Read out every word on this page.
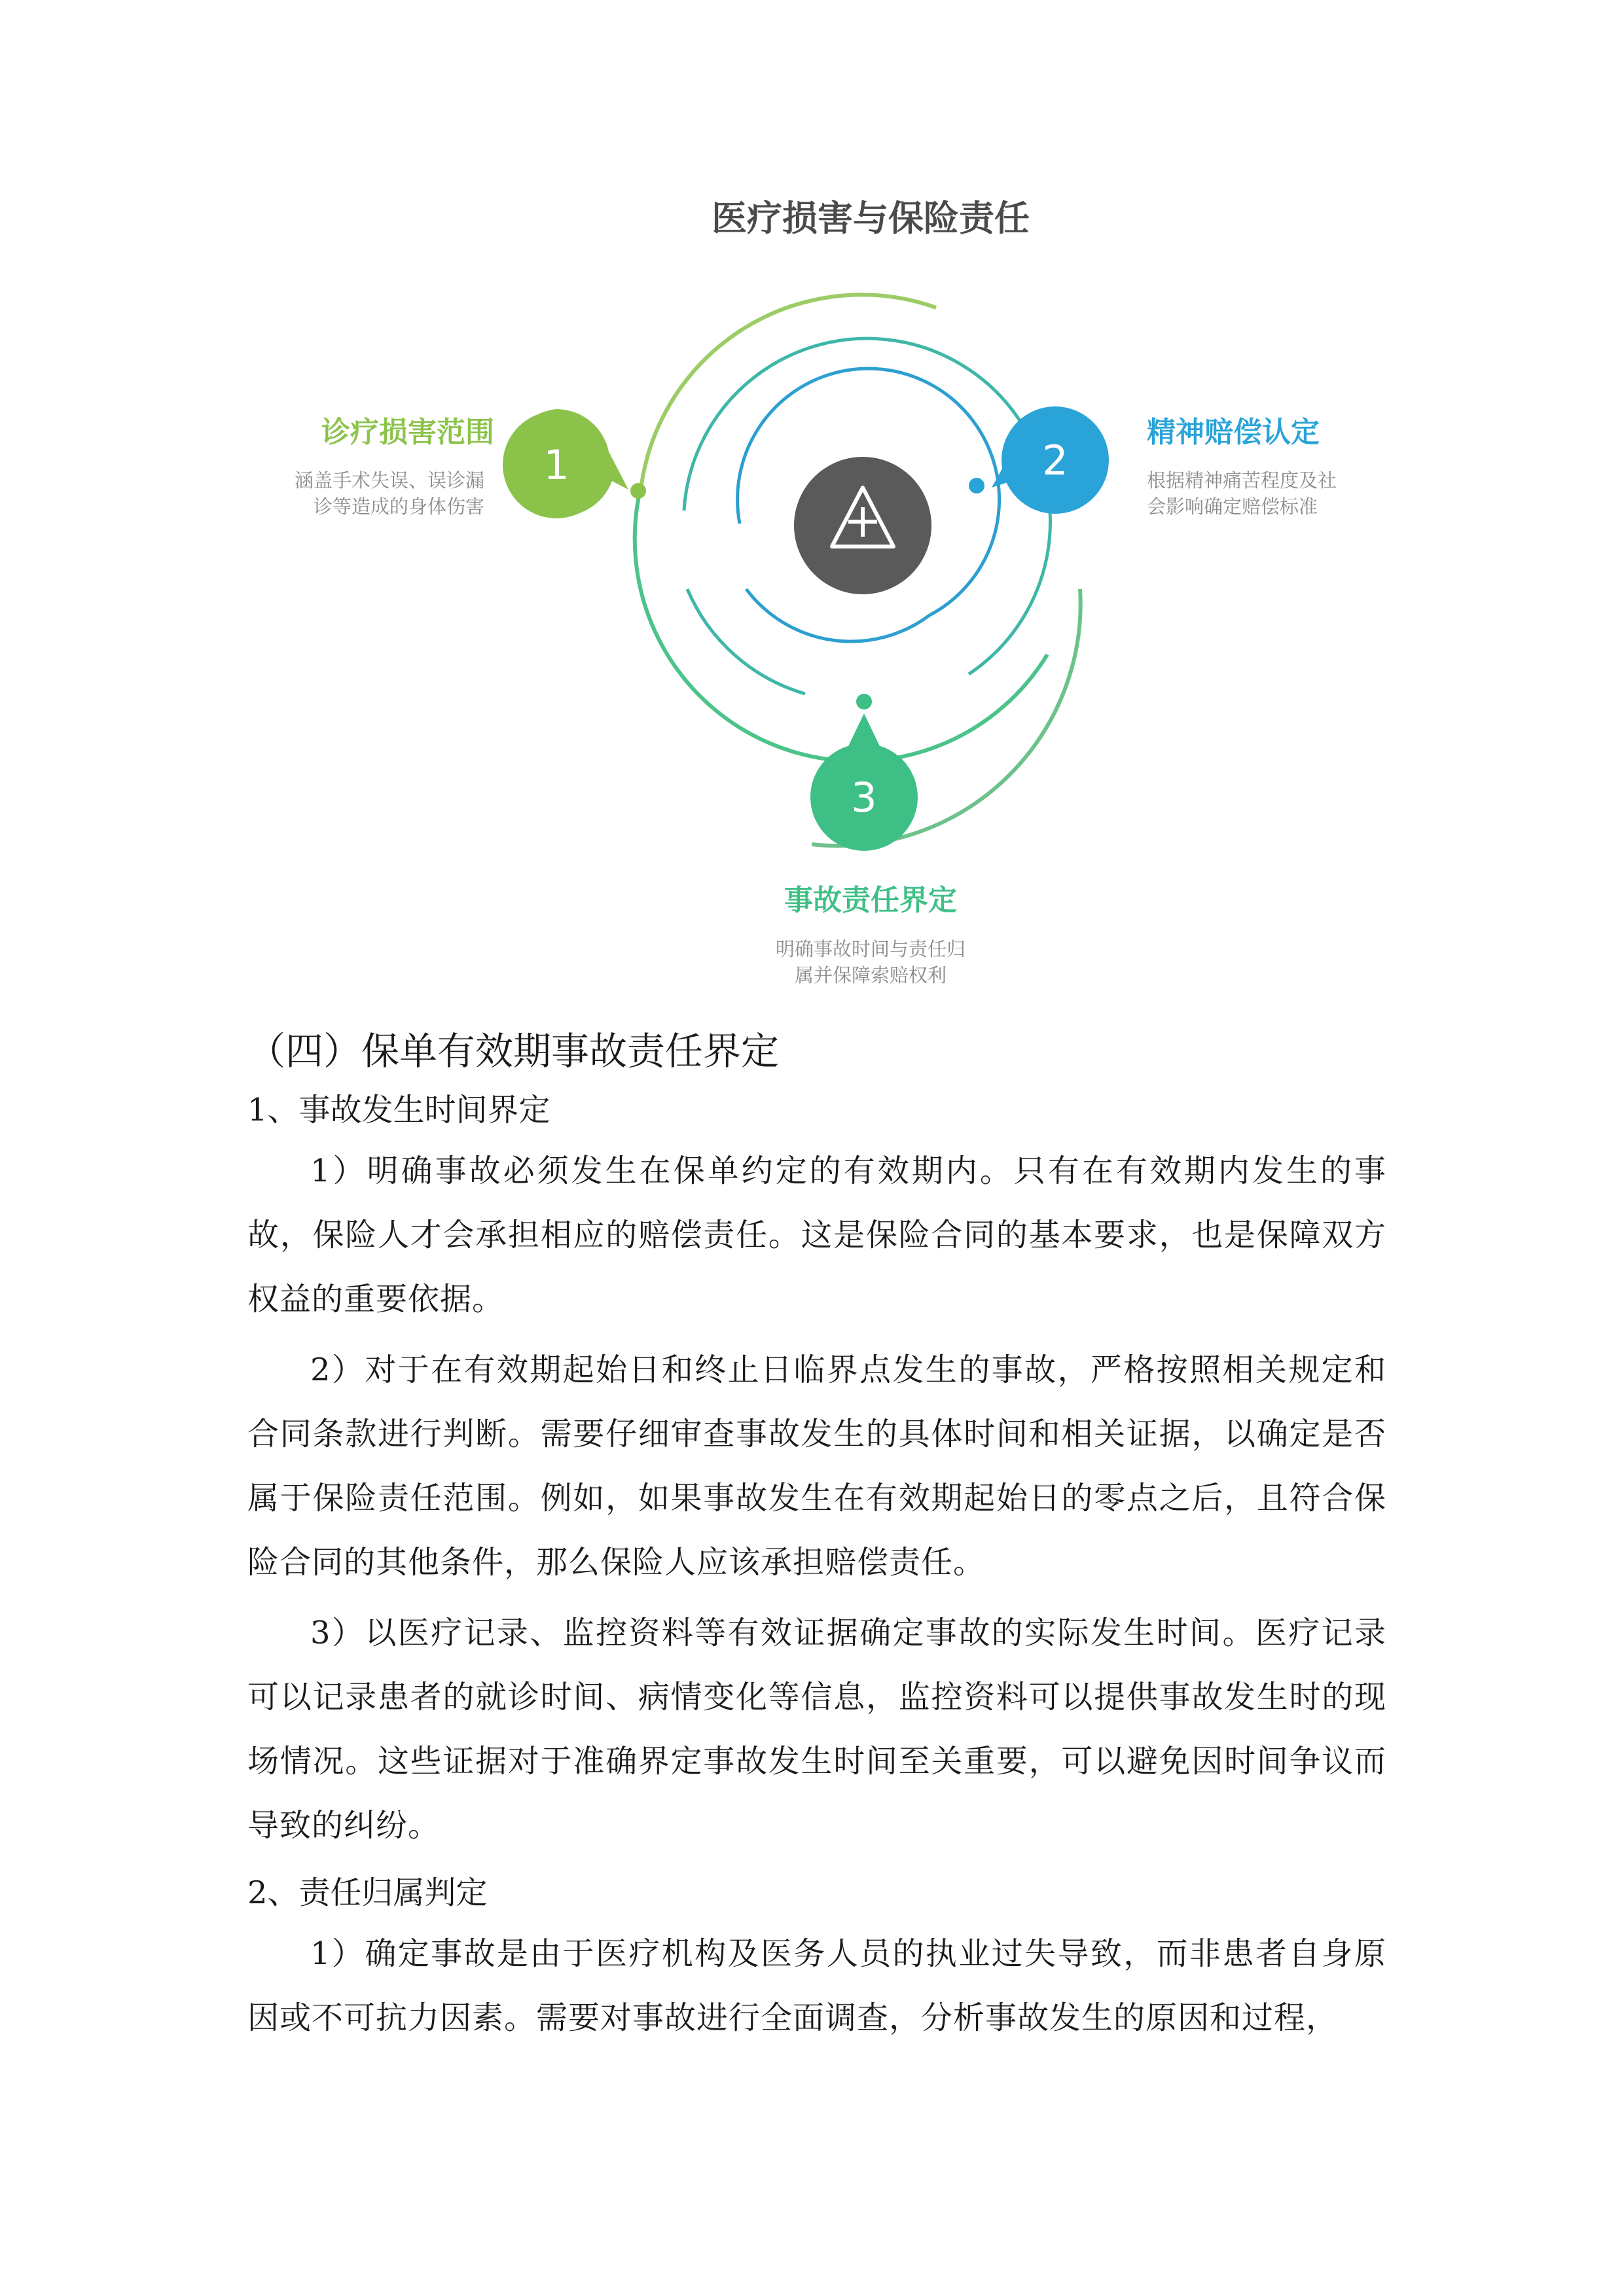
医疗损害与保险责任
1
诊疗损害范围
涵盖手术失误、误诊漏
诊等造成的身体伤害
2
精神赔偿认定
根据精神痛苦程度及社
会影响确定赔偿标准
3
事故责任界定
明确事故时间与责任归
属并保障索赔权利
（四）保单有效期事故责任界定

1、事故发生时间界定

1）明确事故必须发生在保单约定的有效期内。只有在有效期内发生的事故，保险人才会承担相应的赔偿责任。这是保险合同的基本要求，也是保障双方权益的重要依据。

2）对于在有效期起始日和终止日临界点发生的事故，严格按照相关规定和合同条款进行判断。需要仔细审查事故发生的具体时间和相关证据，以确定是否属于保险责任范围。例如，如果事故发生在有效期起始日的零点之后，且符合保险合同的其他条件，那么保险人应该承担赔偿责任。

3）以医疗记录、监控资料等有效证据确定事故的实际发生时间。医疗记录可以记录患者的就诊时间、病情变化等信息，监控资料可以提供事故发生时的现场情况。这些证据对于准确界定事故发生时间至关重要，可以避免因时间争议而导致的纠纷。

2、责任归属判定

1）确定事故是由于医疗机构及医务人员的执业过失导致，而非患者自身原因或不可抗力因素。需要对事故进行全面调查，分析事故发生的原因和过程，
